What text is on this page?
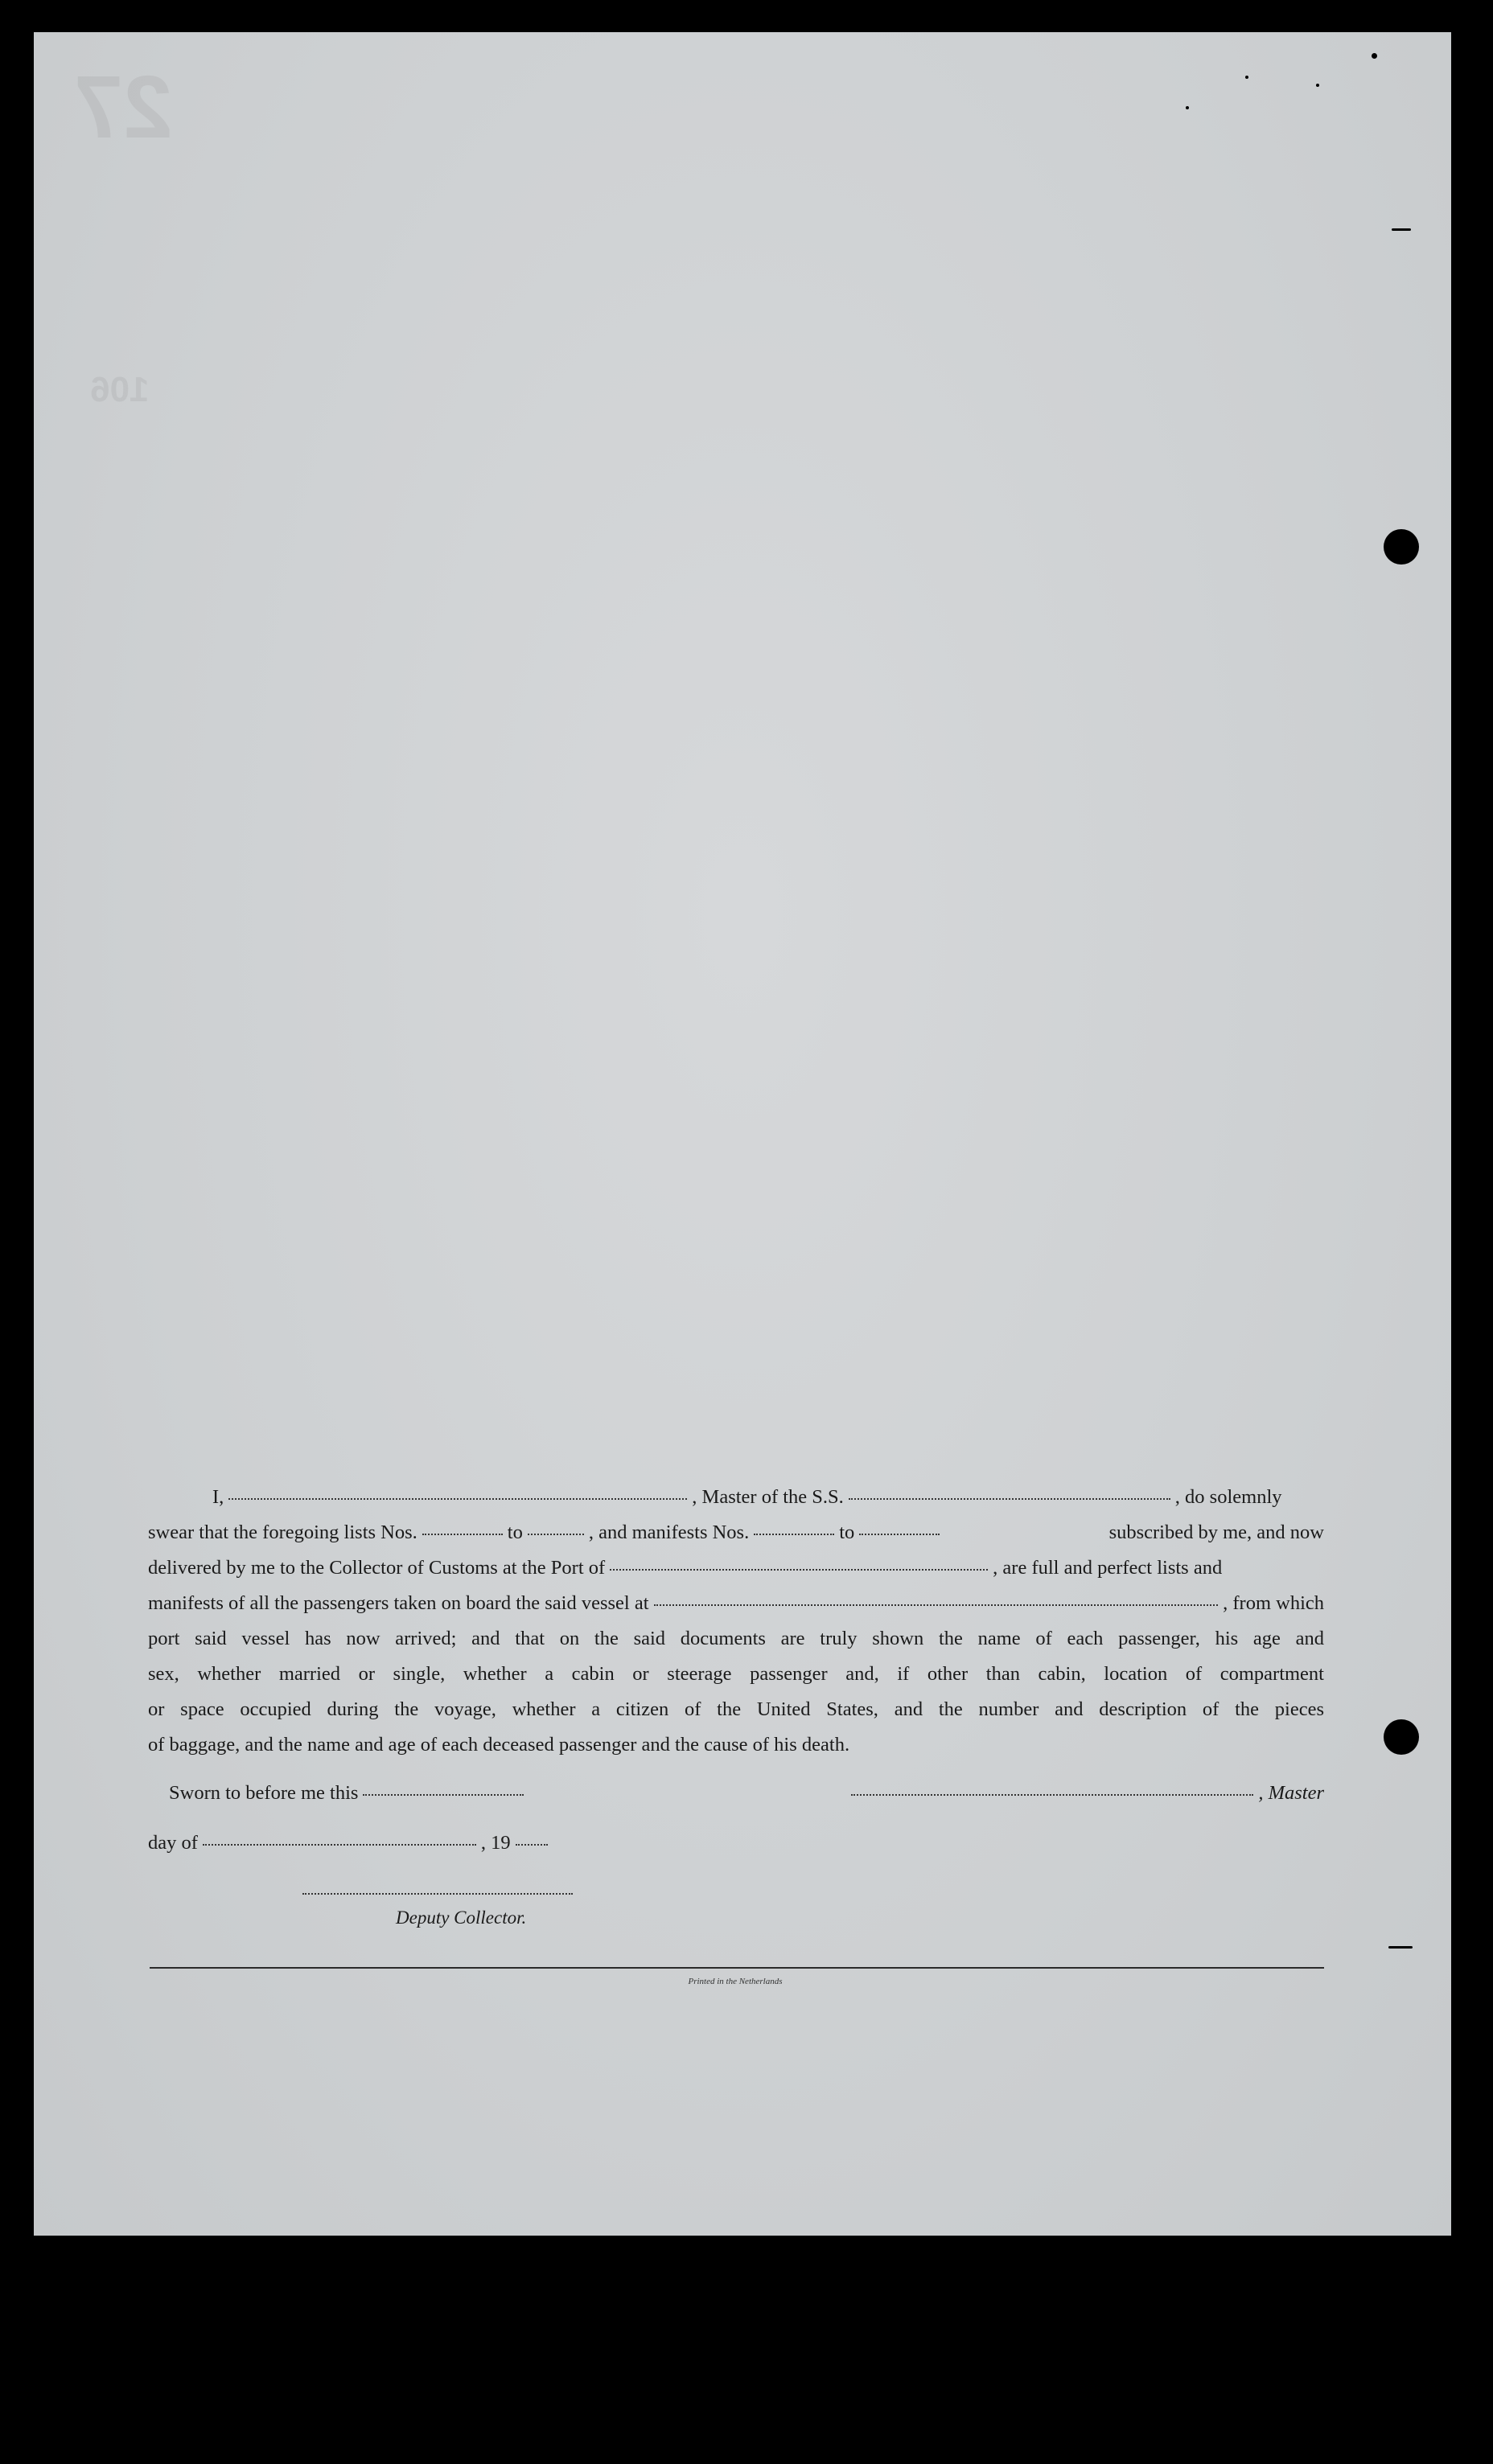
27
106
I,	, Master of the S.S.	, do solemnly
swear that the foregoing lists Nos.	to	, and manifests Nos.	to	subscribed by me, and now
delivered by me to the Collector of Customs at the Port of	, are full and perfect lists and
manifests of all the passengers taken on board the said vessel at	, from which
port said vessel has now arrived; and that on the said documents are truly shown the name of each passenger, his age and
sex, whether married or single, whether a cabin or steerage passenger and, if other than cabin, location of compartment
or space occupied during the voyage, whether a citizen of the United States, and the number and description of the pieces
of baggage, and the name and age of each deceased passenger and the cause of his death.
Sworn to before me this	, Master
day of	, 19
Deputy Collector.
Printed in the Netherlands
